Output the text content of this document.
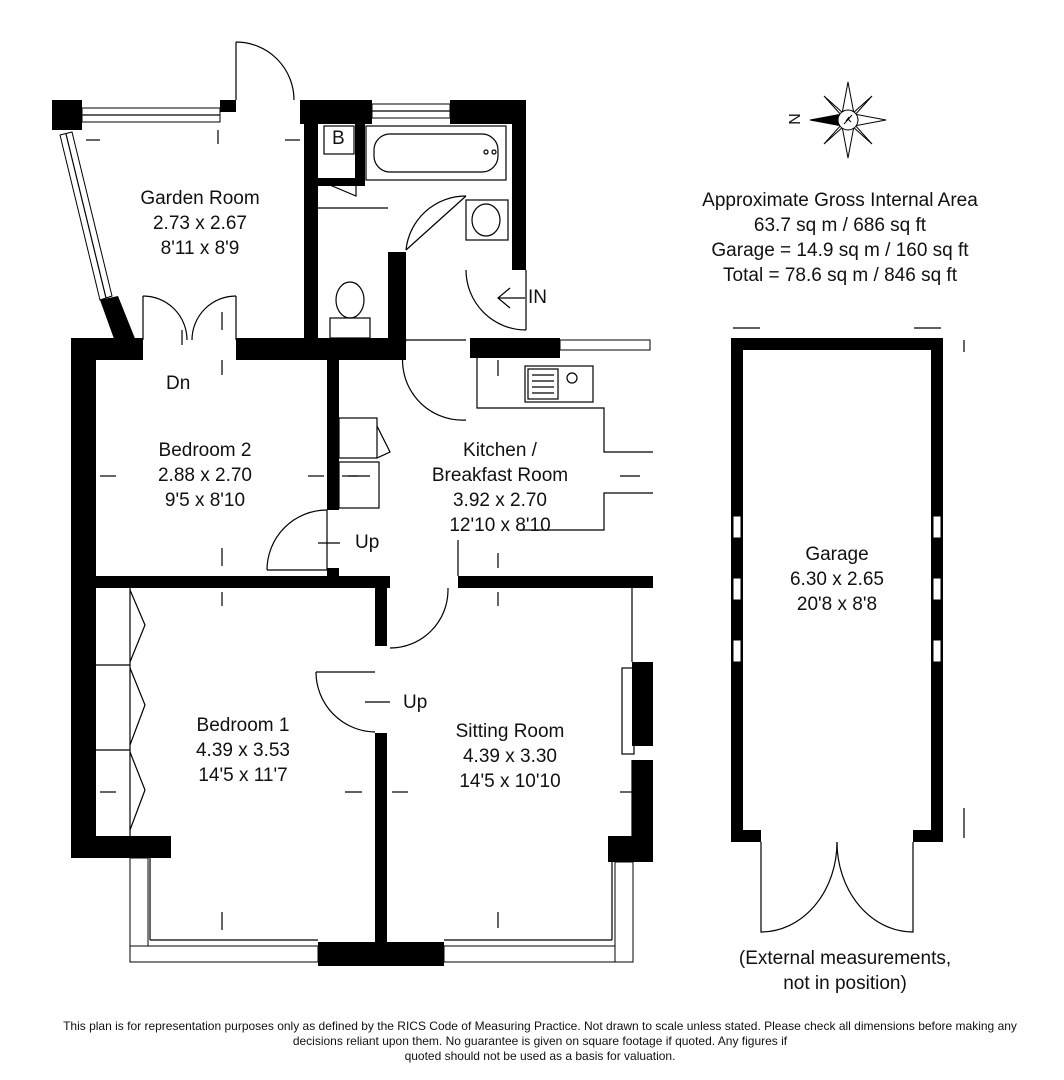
Garden Room
2.73 x 2.67
8'11 x 8'9
Bedroom 2
2.88 x 2.70
9'5 x 8'10
Kitchen /
Breakfast Room
3.92 x 2.70
12'10 x 8'10
Bedroom 1
4.39 x 3.53
14'5 x 11'7
Sitting Room
4.39 x 3.30
14'5 x 10'10
Garage
6.30 x 2.65
20'8 x 8'8
B
IN
Dn
Up
Up
N
Approximate Gross Internal Area
63.7 sq m / 686 sq ft
Garage = 14.9 sq m / 160 sq ft
Total = 78.6 sq m / 846 sq ft
(External measurements,
not in position)
This plan is for representation purposes only as defined by the RICS Code of Measuring Practice. Not drawn to scale unless stated. Please check all dimensions before making any
decisions reliant upon them. No guarantee is given on square footage if quoted. Any figures if
quoted should not be used as a basis for valuation.
